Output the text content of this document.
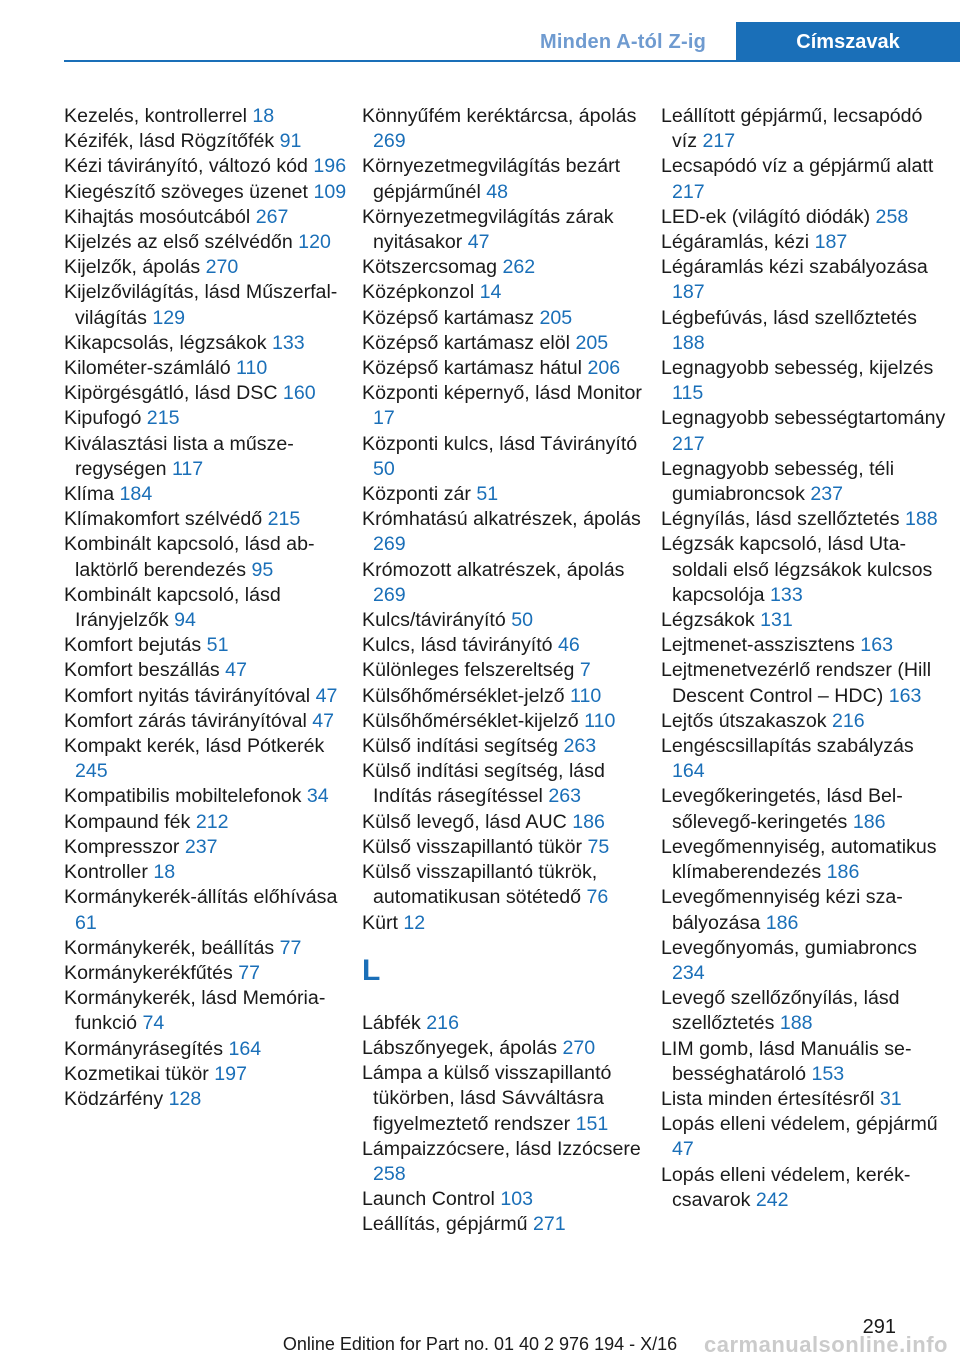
Minden A-tól Z-ig	Címszavak
Kezelés, kontrollerrel 18
Kézifék, lásd Rögzítőfék 91
Kézi távirányító, változó kód 196
Kiegészítő szöveges üzenet 109
Kihajtás mosóutcából 267
Kijelzés az első szélvédőn 120
Kijelzők, ápolás 270
Kijelzővilágítás, lásd Műszerfal-világítás 129
Kikapcsolás, légzsákok 133
Kilométer-számláló 110
Kipörgésgátló, lásd DSC 160
Kipufogó 215
Kiválasztási lista a műszeregységen 117
Klíma 184
Klímakomfort szélvédő 215
Kombinált kapcsoló, lásd ablaktörlő berendezés 95
Kombinált kapcsoló, lásd Irányjelzők 94
Komfort bejutás 51
Komfort beszállás 47
Komfort nyitás távirányítóval 47
Komfort zárás távirányítóval 47
Kompakt kerék, lásd Pótkerék 245
Kompatibilis mobiltelefonok 34
Kompaund fék 212
Kompresszor 237
Kontroller 18
Kormánykerék-állítás előhívása 61
Kormánykerék, beállítás 77
Kormánykerékfűtés 77
Kormánykerék, lásd Memóriafunkció 74
Kormányrásegítés 164
Kozmetikai tükör 197
Ködzárfény 128
Könnyűfém keréktárcsa, ápolás 269
Környezetmegvilágítás bezárt gépjárműnél 48
Környezetmegvilágítás zárak nyitásakor 47
Kötszercsomag 262
Középkonzol 14
Középső kartámasz 205
Középső kartámasz elöl 205
Középső kartámasz hátul 206
Központi képernyő, lásd Monitor 17
Központi kulcs, lásd Távirányító 50
Központi zár 51
Krómhatású alkatrészek, ápolás 269
Krómozott alkatrészek, ápolás 269
Kulcs/távirányító 50
Kulcs, lásd távirányító 46
Különleges felszereltség 7
Külsőhőmérséklet-jelző 110
Külsőhőmérséklet-kijelző 110
Külső indítási segítség 263
Külső indítási segítség, lásd Indítás rásegítéssel 263
Külső levegő, lásd AUC 186
Külső visszapillantó tükör 75
Külső visszapillantó tükrök, automatikusan sötétedő 76
Kürt 12
L
Lábfék 216
Lábszőnyegek, ápolás 270
Lámpa a külső visszapillantó tükörben, lásd Sávváltásra figyelmeztető rendszer 151
Lámpaizzócsere, lásd Izzócsere 258
Launch Control 103
Leállítás, gépjármű 271
Leállított gépjármű, lecsapódó víz 217
Lecsapódó víz a gépjármű alatt 217
LED-ek (világító diódák) 258
Légáramlás, kézi 187
Légáramlás kézi szabályozása 187
Légbefúvás, lásd szellőztetés 188
Legnagyobb sebesség, kijelzés 115
Legnagyobb sebességtartomány 217
Legnagyobb sebesség, téli gumiabroncsok 237
Légnyílás, lásd szellőztetés 188
Légzsák kapcsoló, lásd Utasoldali első légzsákok kulcsos kapcsolója 133
Légzsákok 131
Lejtmenet-asszisztens 163
Lejtmenetvezérlő rendszer (Hill Descent Control – HDC) 163
Lejtős útszakaszok 216
Lengéscsillapítás szabályzás 164
Levegőkeringetés, lásd Belsőlevegő-keringetés 186
Levegőmennyiség, automatikus klímaberendezés 186
Levegőmennyiség kézi szabályozása 186
Levegőnyomás, gumiabroncs 234
Levegő szellőzőnyílás, lásd szellőztetés 188
LIM gomb, lásd Manuális sebességhatároló 153
Lista minden értesítésről 31
Lopás elleni védelem, gépjármű 47
Lopás elleni védelem, kerékcsavarok 242
291
Online Edition for Part no. 01 40 2 976 194 - X/16	carmanualsonline.info
